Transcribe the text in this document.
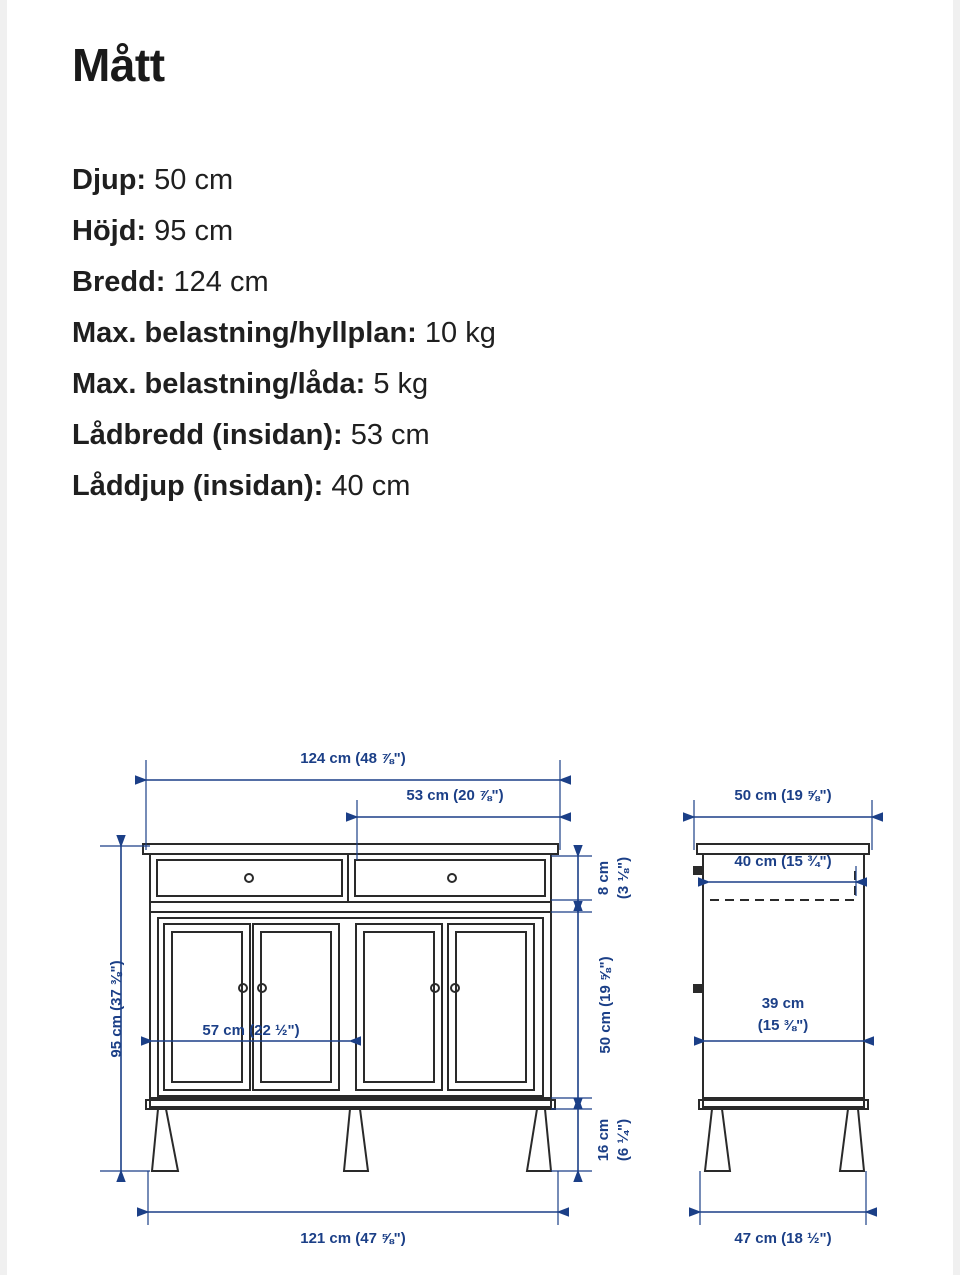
Mått
Djup: 50 cm
Höjd: 95 cm
Bredd: 124 cm
Max. belastning/hyllplan: 10 kg
Max. belastning/låda: 5 kg
Lådbredd (insidan): 53 cm
Låddjup (insidan): 40 cm
124 cm (48 ⅞")
53 cm (20 ⅞")
95 cm (37 ⅜")	57 cm (22 ½")
8 cm (3 ⅛")
50 cm (19 ⅝")
16 cm (6 ¼")
121 cm (47 ⅝")
50 cm (19 ⅝")
40 cm (15 ¾")
39 cm
(15 ⅜")
47 cm (18 ½")
